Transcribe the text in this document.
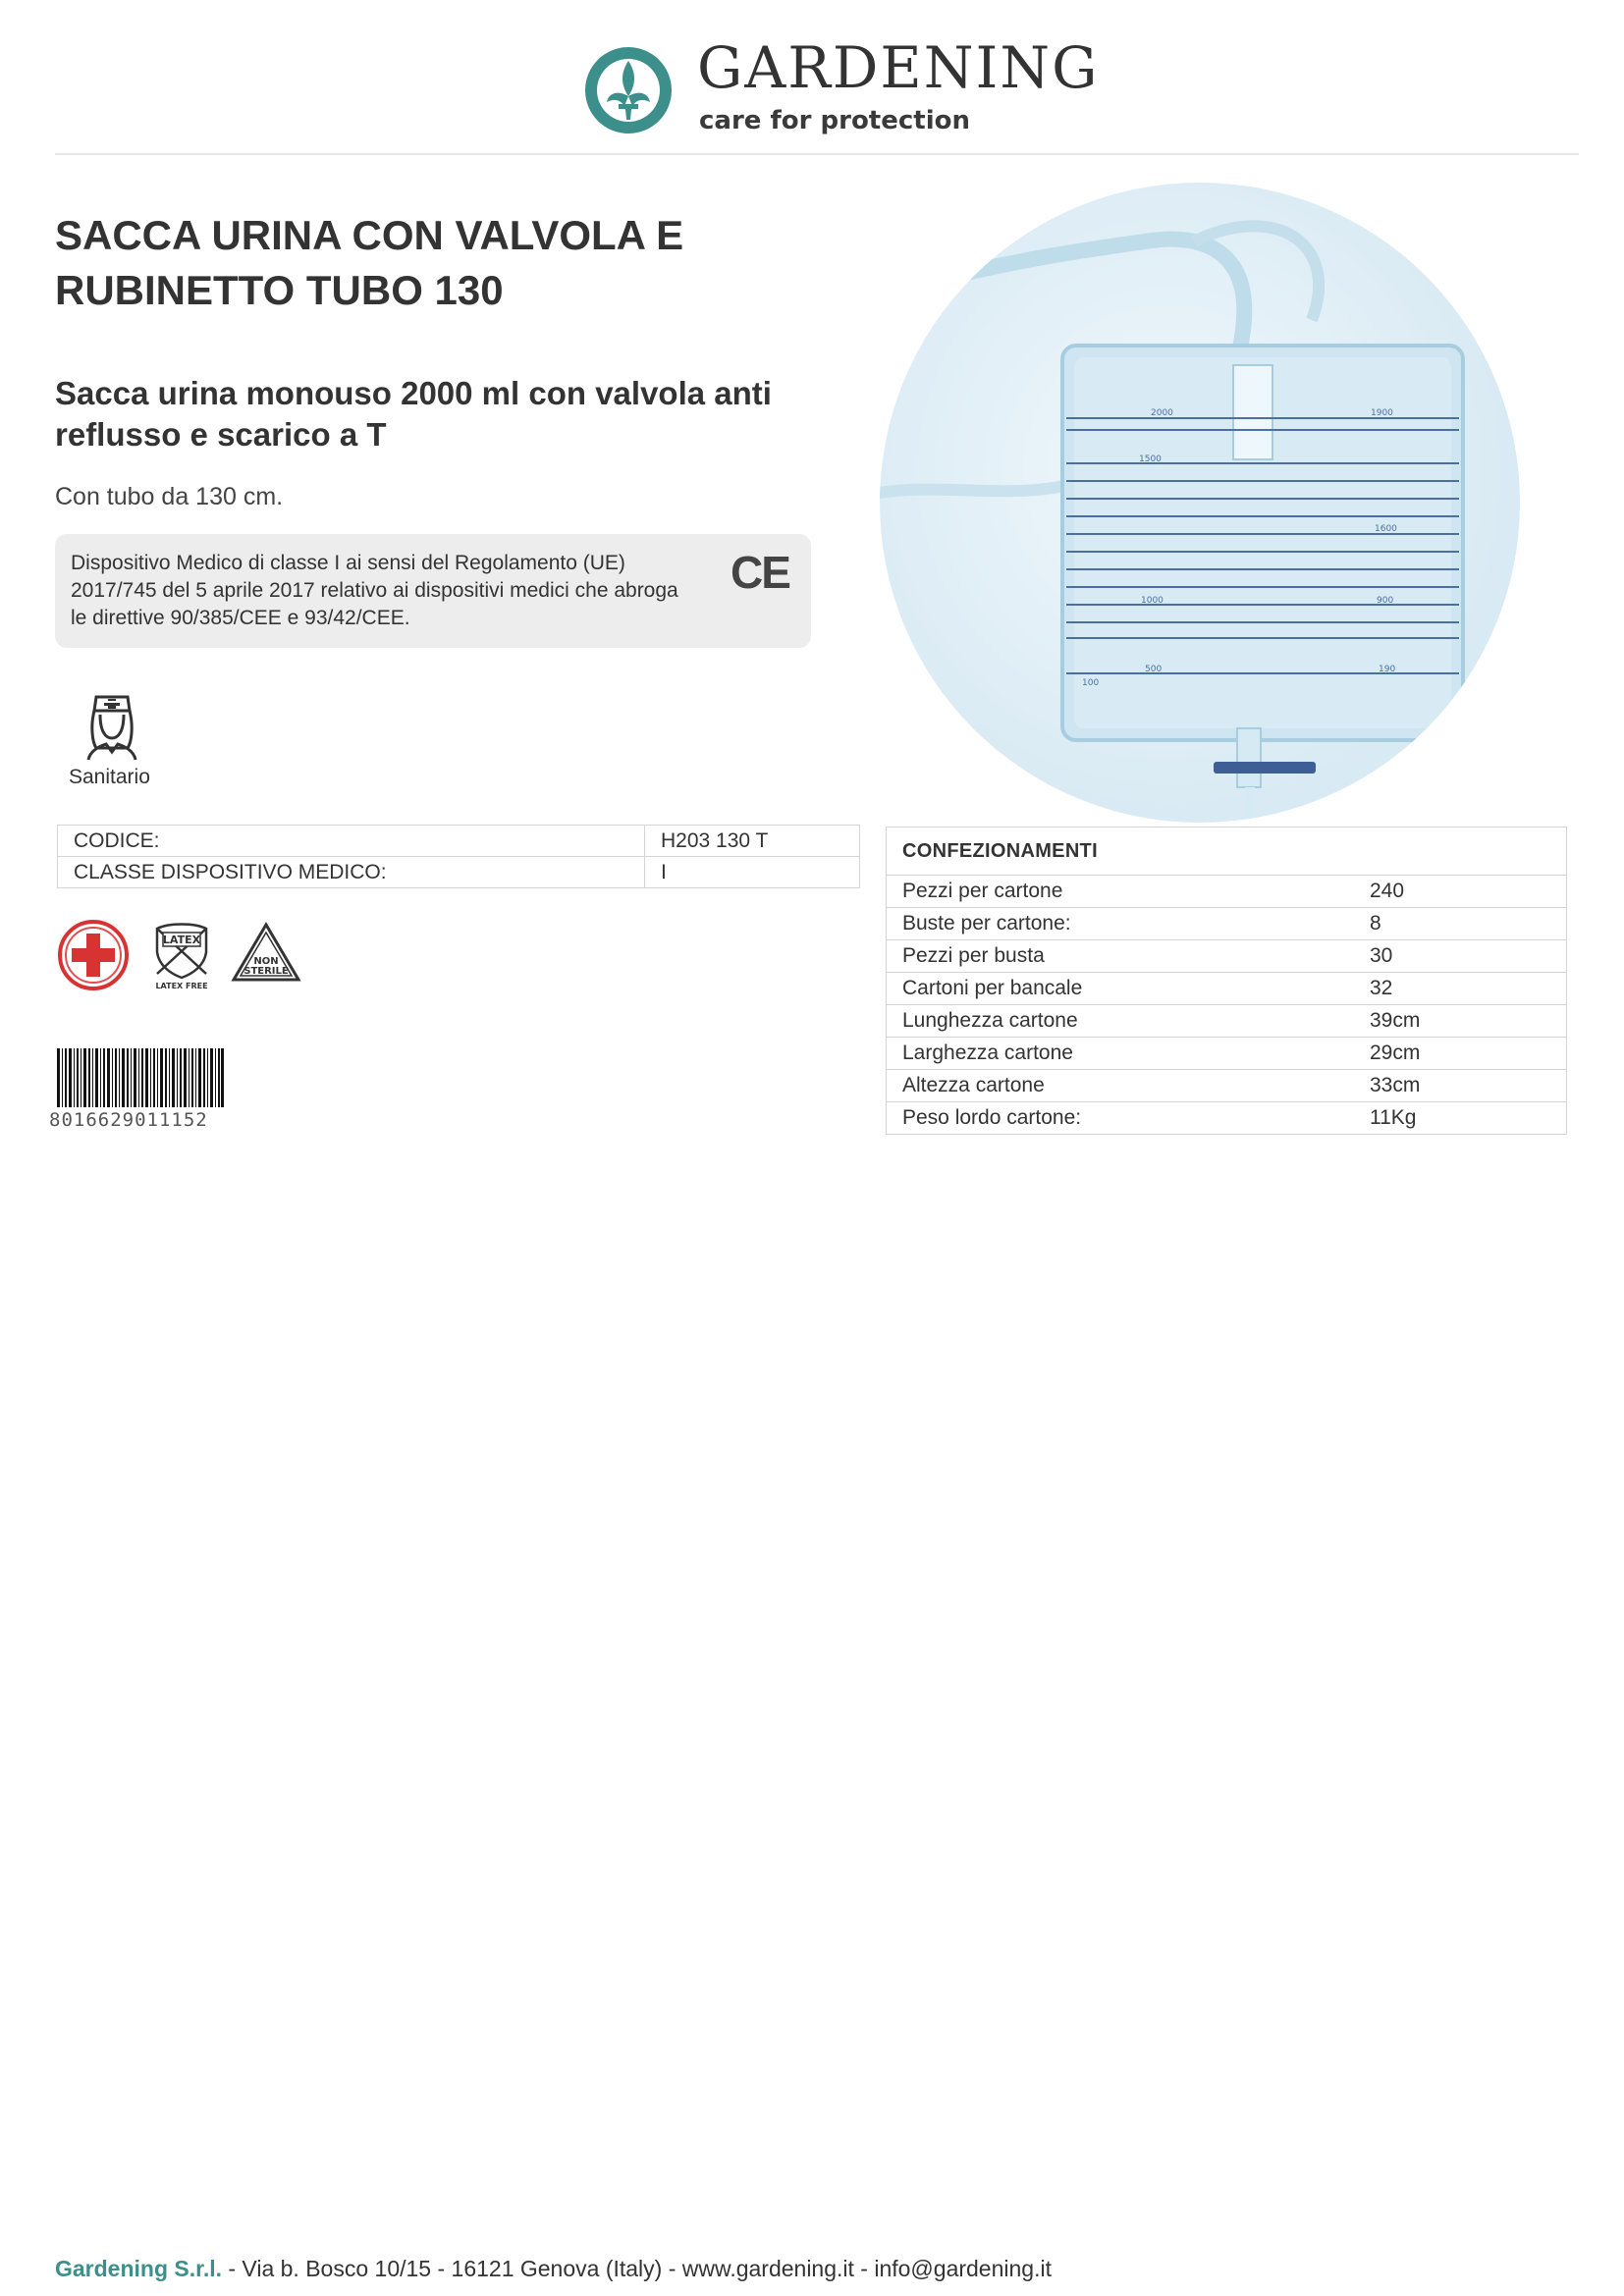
GARDENING
care for protection
SACCA URINA CON VALVOLA E RUBINETTO TUBO 130
Sacca urina monouso 2000 ml con valvola anti reflusso e scarico a T
Con tubo da 130 cm.
Dispositivo Medico di classe I ai sensi del Regolamento (UE) 2017/745 del 5 aprile 2017 relativo ai dispositivi medici che abroga le direttive 90/385/CEE e 93/42/CEE.
CE
Sanitario
2000
1500
1000
500
100
1900
1600
900
190
CODICE:	H203 130 T
CLASSE DISPOSITIVO MEDICO:	I
LATEX
LATEX FREE
NON
STERILE
8016629011152
CONFEZIONAMENTI	
Pezzi per cartone	240
Buste per cartone:	8
Pezzi per busta	30
Cartoni per bancale	32
Lunghezza cartone	39cm
Larghezza cartone	29cm
Altezza cartone	33cm
Peso lordo cartone:	11Kg
Gardening S.r.l. - Via b. Bosco 10/15 - 16121 Genova (Italy) - www.gardening.it - info@gardening.it
